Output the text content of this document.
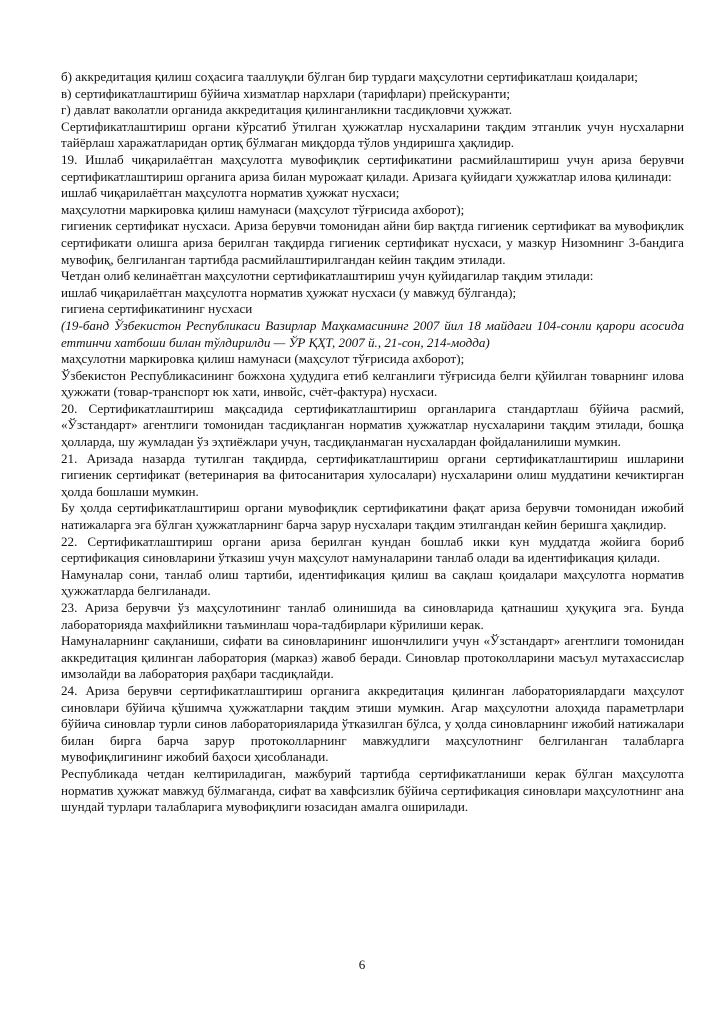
б) аккредитация қилиш соҳасига тааллуқли бўлган бир турдаги маҳсулотни сертификатлаш қоидалари;

в) сертификатлаштириш бўйича хизматлар нархлари (тарифлари) прейскуранти;

г) давлат ваколатли органида аккредитация қилинганликни тасдиқловчи ҳужжат.

Сертификатлаштириш органи кўрсатиб ўтилган ҳужжатлар нусхаларини тақдим этганлик учун нусхаларни тайёрлаш харажатларидан ортиқ бўлмаган миқдорда тўлов ундиришга ҳақлидир.

19. Ишлаб чиқарилаётган маҳсулотга мувофиқлик сертификатини расмийлаштириш учун ариза берувчи сертификатлаштириш органига ариза билан мурожаат қилади. Аризага қуйидаги ҳужжатлар илова қилинади:

ишлаб чиқарилаётган маҳсулотга норматив ҳужжат нусхаси;

маҳсулотни маркировка қилиш намунаси (маҳсулот тўғрисида ахборот);

гигиеник сертификат нусхаси. Ариза берувчи томонидан айни бир вақтда гигиеник сертификат ва мувофиқлик сертификати олишга ариза берилган тақдирда гигиеник сертификат нусхаси, у мазкур Низомнинг 3-бандига мувофиқ, белгиланган тартибда расмийлаштирилгандан кейин тақдим этилади.

Четдан олиб келинаётган маҳсулотни сертификатлаштириш учун қуйидагилар тақдим этилади:

ишлаб чиқарилаётган маҳсулотга норматив ҳужжат нусхаси (у мавжуд бўлганда);

гигиена сертификатининг нусхаси

(19-банд Ўзбекистон Республикаси Вазирлар Маҳкамасининг 2007 йил 18 майдаги 104-сонли қарори асосида еттинчи хатбоши билан тўлдирилди — ЎР ҚҲТ, 2007 й., 21-сон, 214-модда)

маҳсулотни маркировка қилиш намунаси (маҳсулот тўғрисида ахборот);

Ўзбекистон Республикасининг божхона ҳудудига етиб келганлиги тўғрисида белги қўйилган товарнинг илова ҳужжати (товар-транспорт юк хати, инвойс, счёт-фактура) нусхаси.

20. Сертификатлаштириш мақсадида сертификатлаштириш органларига стандартлаш бўйича расмий, «Ўзстандарт» агентлиги томонидан тасдиқланган норматив ҳужжатлар нусхаларини тақдим этилади, бошқа ҳолларда, шу жумладан ўз эҳтиёжлари учун, тасдиқланмаган нусхалардан фойдаланилиши мумкин.

21. Аризада назарда тутилган тақдирда, сертификатлаштириш органи сертификатлаштириш ишларини гигиеник сертификат (ветеринария ва фитосанитария хулосалари) нусхаларини олиш муддатини кечиктирган ҳолда бошлаши мумкин.

Бу ҳолда сертификатлаштириш органи мувофиқлик сертификатини фақат ариза берувчи томонидан ижобий натижаларга эга бўлган ҳужжатларнинг барча зарур нусхалари тақдим этилгандан кейин беришга ҳақлидир.

22. Сертификатлаштириш органи ариза берилган кундан бошлаб икки кун муддатда жойига бориб сертификация синовларини ўтказиш учун маҳсулот намуналарини танлаб олади ва идентификация қилади.

Намуналар сони, танлаб олиш тартиби, идентификация қилиш ва сақлаш қоидалари маҳсулотга норматив ҳужжатларда белгиланади.

23. Ариза берувчи ўз маҳсулотининг танлаб олинишида ва синовларида қатнашиш ҳуқуқига эга. Бунда лабораторияда махфийликни таъминлаш чора-тадбирлари кўрилиши керак.

Намуналарнинг сақланиши, сифати ва синовларининг ишончлилиги учун «Ўзстандарт» агентлиги томонидан аккредитация қилинган лаборатория (марказ) жавоб беради. Синовлар протоколларини масъул мутахассислар имзолайди ва лаборатория раҳбари тасдиқлайди.

24. Ариза берувчи сертификатлаштириш органига аккредитация қилинган лабораториялардаги маҳсулот синовлари бўйича қўшимча ҳужжатларни тақдим этиши мумкин. Агар маҳсулотни алоҳида параметрлари бўйича синовлар турли синов лабораторияларида ўтказилган бўлса, у ҳолда синовларнинг ижобий натижалари билан бирга барча зарур протоколларнинг мавжудлиги маҳсулотнинг белгиланган талабларга мувофиқлигининг ижобий баҳоси ҳисобланади.

Республикада четдан келтириладиган, мажбурий тартибда сертификатланиши керак бўлган маҳсулотга норматив ҳужжат мавжуд бўлмаганда, сифат ва хавфсизлик бўйича сертификация синовлари маҳсулотнинг ана шундай турлари талабларига мувофиқлиги юзасидан амалга оширилади.

6
